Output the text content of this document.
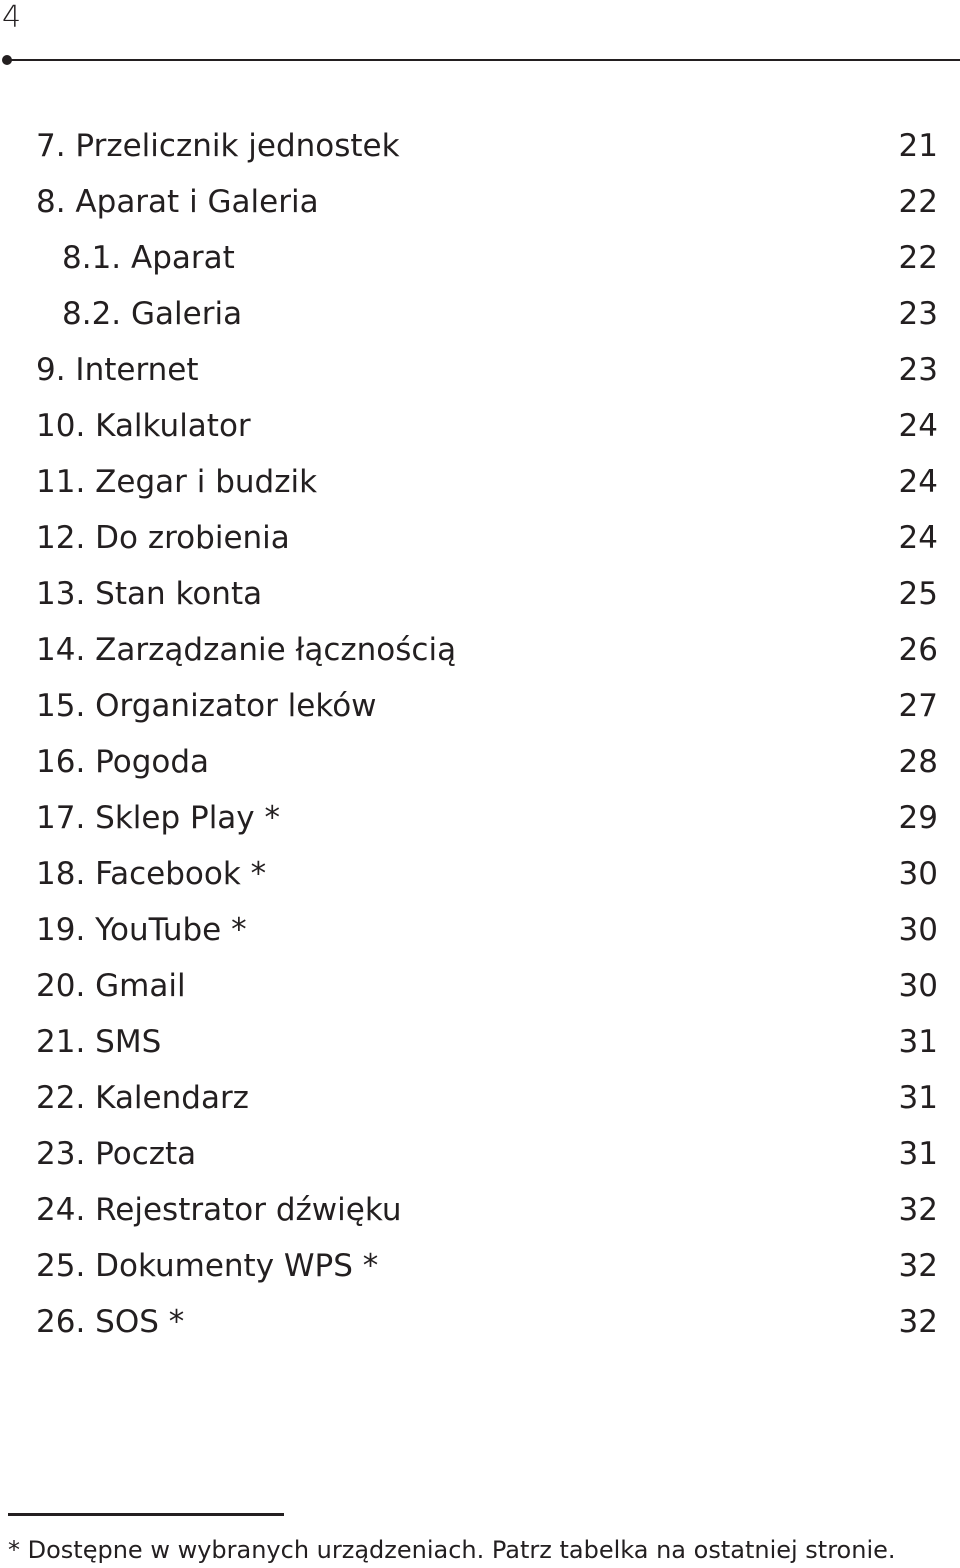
4
7. Przelicznik jednostek	21
8. Aparat i Galeria	22
8.1. Aparat	22
8.2. Galeria	23
9. Internet	23
10. Kalkulator	24
11. Zegar i budzik	24
12. Do zrobienia	24
13. Stan konta	25
14. Zarządzanie łącznością	26
15. Organizator leków	27
16. Pogoda	28
17. Sklep Play *	29
18. Facebook *	30
19. YouTube *	30
20. Gmail	30
21. SMS	31
22. Kalendarz	31
23. Poczta	31
24. Rejestrator dźwięku	32
25. Dokumenty WPS *	32
26. SOS *	32
* Dostępne w wybranych urządzeniach. Patrz tabelka na ostatniej stronie.
